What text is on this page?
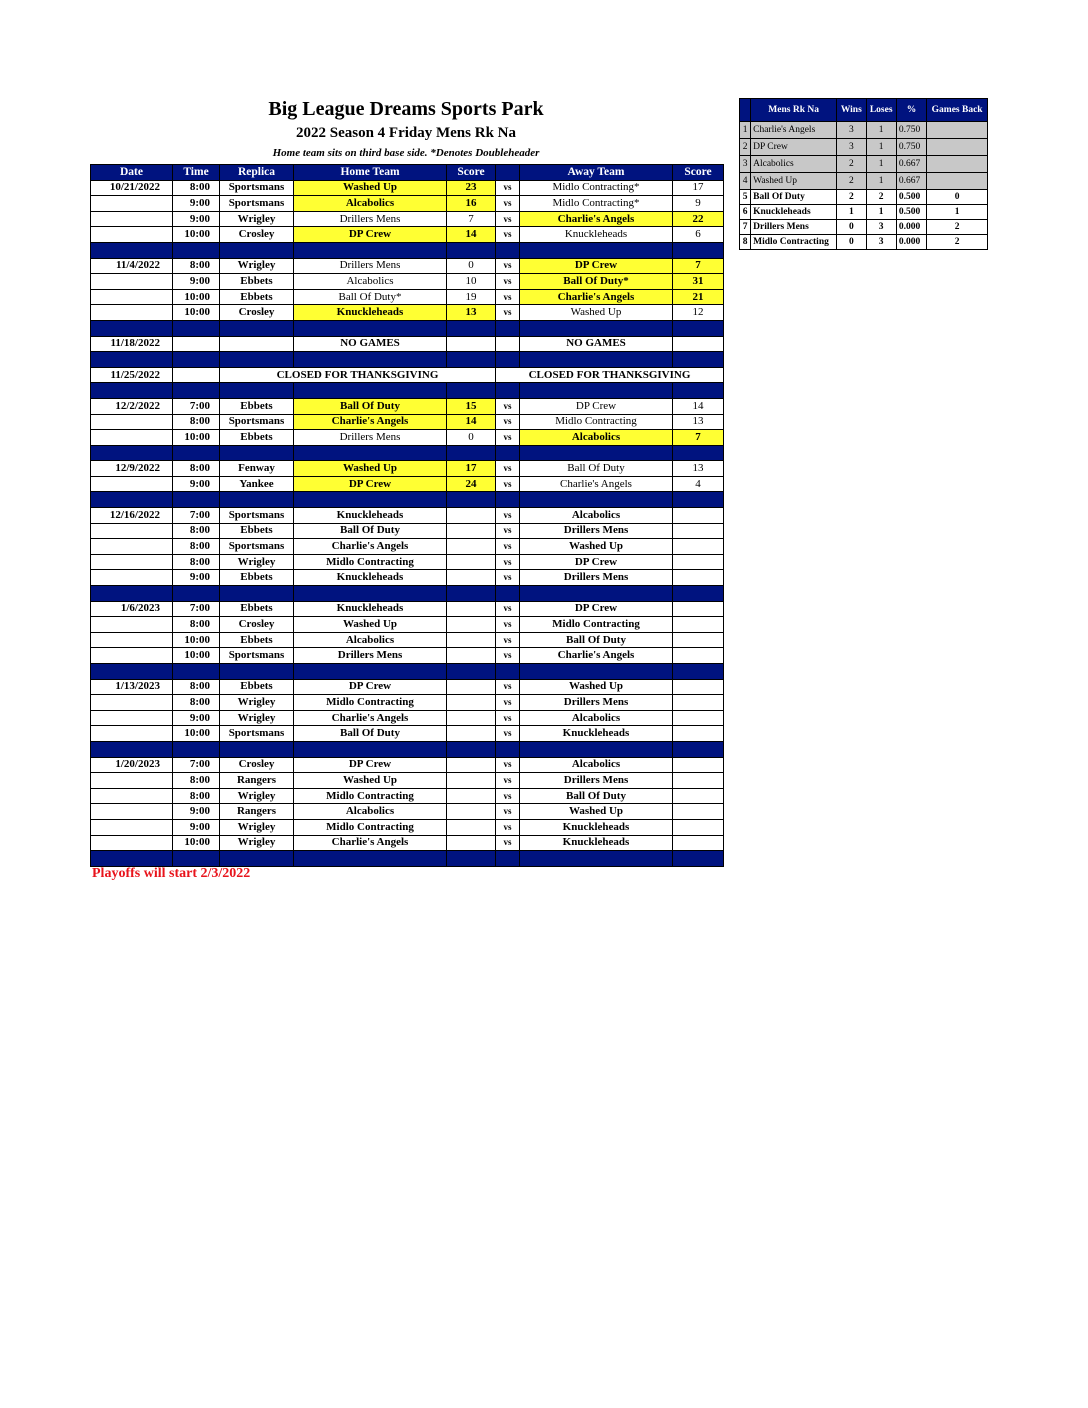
Big League Dreams Sports Park
2022 Season 4 Friday Mens Rk Na
Home team sits on third base side. *Denotes Doubleheader
Date	Time	Replica	Home Team	Score		Away Team	Score
10/21/2022	8:00	Sportsmans	Washed Up	23	vs	Midlo Contracting*	17
	9:00	Sportsmans	Alcabolics	16	vs	Midlo Contracting*	9
	9:00	Wrigley	Drillers Mens	7	vs	Charlie's Angels	22
	10:00	Crosley	DP Crew	14	vs	Knuckleheads	6

11/4/2022	8:00	Wrigley	Drillers Mens	0	vs	DP Crew	7
	9:00	Ebbets	Alcabolics	10	vs	Ball Of Duty*	31
	10:00	Ebbets	Ball Of Duty*	19	vs	Charlie's Angels	21
	10:00	Crosley	Knuckleheads	13	vs	Washed Up	12

11/18/2022			NO GAMES			NO GAMES	

11/25/2022		CLOSED FOR THANKSGIVING			CLOSED FOR THANKSGIVING		

12/2/2022	7:00	Ebbets	Ball Of Duty	15	vs	DP Crew	14
	8:00	Sportsmans	Charlie's Angels	14	vs	Midlo Contracting	13
	10:00	Ebbets	Drillers Mens	0	vs	Alcabolics	7

12/9/2022	8:00	Fenway	Washed Up	17	vs	Ball Of Duty	13
	9:00	Yankee	DP Crew	24	vs	Charlie's Angels	4

12/16/2022	7:00	Sportsmans	Knuckleheads		vs	Alcabolics	
	8:00	Ebbets	Ball Of Duty		vs	Drillers Mens	
	8:00	Sportsmans	Charlie's Angels		vs	Washed Up	
	8:00	Wrigley	Midlo Contracting		vs	DP Crew	
	9:00	Ebbets	Knuckleheads		vs	Drillers Mens	

1/6/2023	7:00	Ebbets	Knuckleheads		vs	DP Crew	
	8:00	Crosley	Washed Up		vs	Midlo Contracting	
	10:00	Ebbets	Alcabolics		vs	Ball Of Duty	
	10:00	Sportsmans	Drillers Mens		vs	Charlie's Angels	

1/13/2023	8:00	Ebbets	DP Crew		vs	Washed Up	
	8:00	Wrigley	Midlo Contracting		vs	Drillers Mens	
	9:00	Wrigley	Charlie's Angels		vs	Alcabolics	
	10:00	Sportsmans	Ball Of Duty		vs	Knuckleheads	

1/20/2023	7:00	Crosley	DP Crew		vs	Alcabolics	
	8:00	Rangers	Washed Up		vs	Drillers Mens	
	8:00	Wrigley	Midlo Contracting		vs	Ball Of Duty	
	9:00	Rangers	Alcabolics		vs	Washed Up	
	9:00	Wrigley	Midlo Contracting		vs	Knuckleheads	
	10:00	Wrigley	Charlie's Angels		vs	Knuckleheads	

	Mens Rk Na	Wins	Loses	%	Games Back
1	Charlie's Angels	3	1	0.750	
2	DP Crew	3	1	0.750	
3	Alcabolics	2	1	0.667	
4	Washed Up	2	1	0.667	
5	Ball Of Duty	2	2	0.500	0
6	Knuckleheads	1	1	0.500	1
7	Drillers Mens	0	3	0.000	2
8	Midlo Contracting	0	3	0.000	2
Playoffs will start 2/3/2022
